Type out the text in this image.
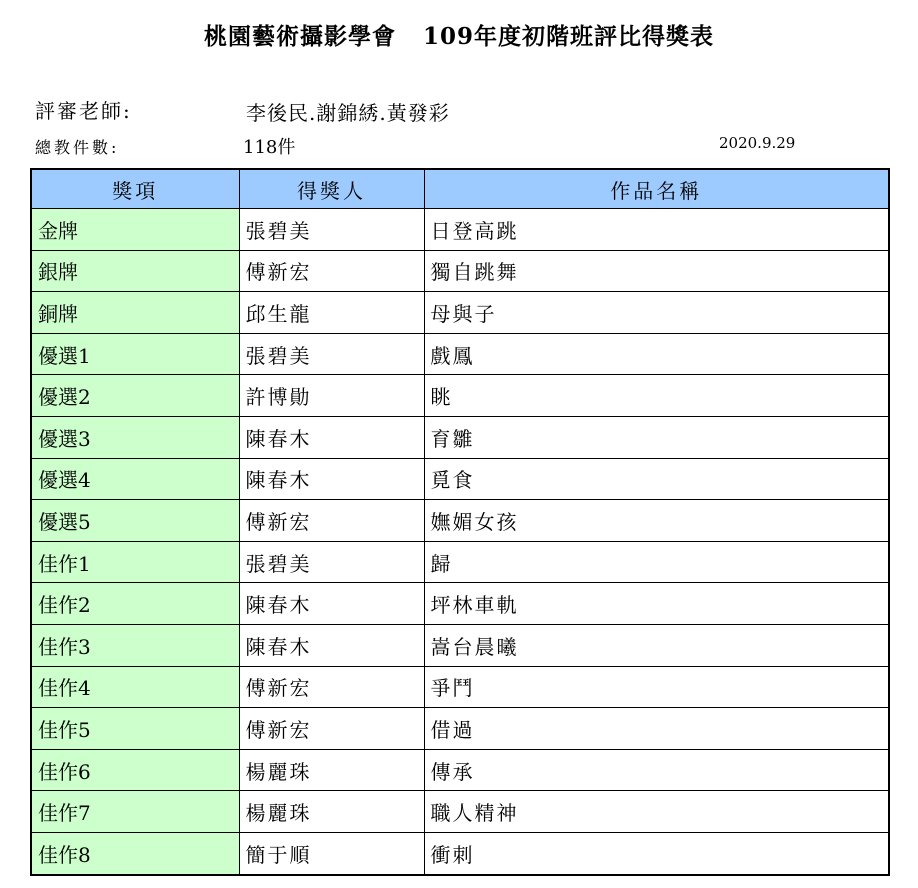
桃園藝術攝影學會   109年度初階班評比得獎表
評審老師:	李後民.謝錦綉.黃發彩
總教件數:	118件	2020.9.29
獎項	得獎人	作品名稱
金牌	張碧美	日登高跳
銀牌	傅新宏	獨自跳舞
銅牌	邱生龍	母與子
優選1	張碧美	戲鳳
優選2	許博勛	眺
優選3	陳春木	育雛
優選4	陳春木	覓食
優選5	傅新宏	嫵媚女孩
佳作1	張碧美	歸
佳作2	陳春木	坪林車軌
佳作3	陳春木	嵩台晨曦
佳作4	傅新宏	爭鬥
佳作5	傅新宏	借過
佳作6	楊麗珠	傳承
佳作7	楊麗珠	職人精神
佳作8	簡于順	衝刺
